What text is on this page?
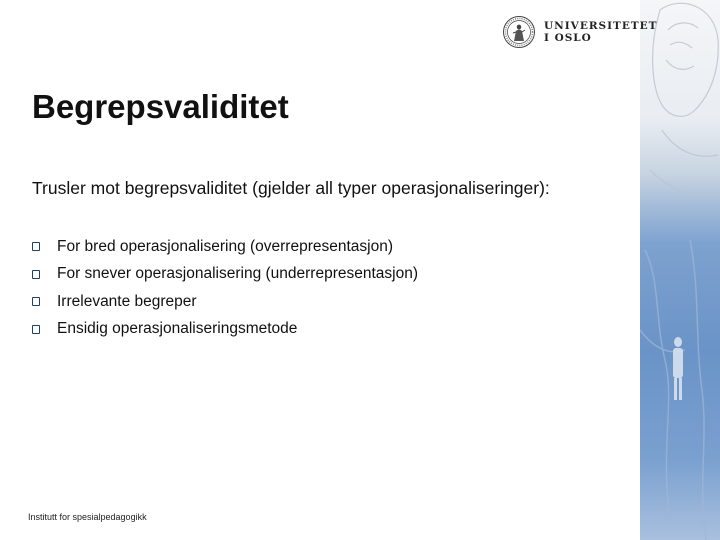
UNIVERSITETET
I OSLO
Begrepsvaliditet

Trusler mot begrepsvaliditet (gjelder all typer operasjonaliseringer):

For bred operasjonalisering (overrepresentasjon)
For snever operasjonalisering (underrepresentasjon)
Irrelevante begreper
Ensidig operasjonaliseringsmetode

Institutt for spesialpedagogikk
